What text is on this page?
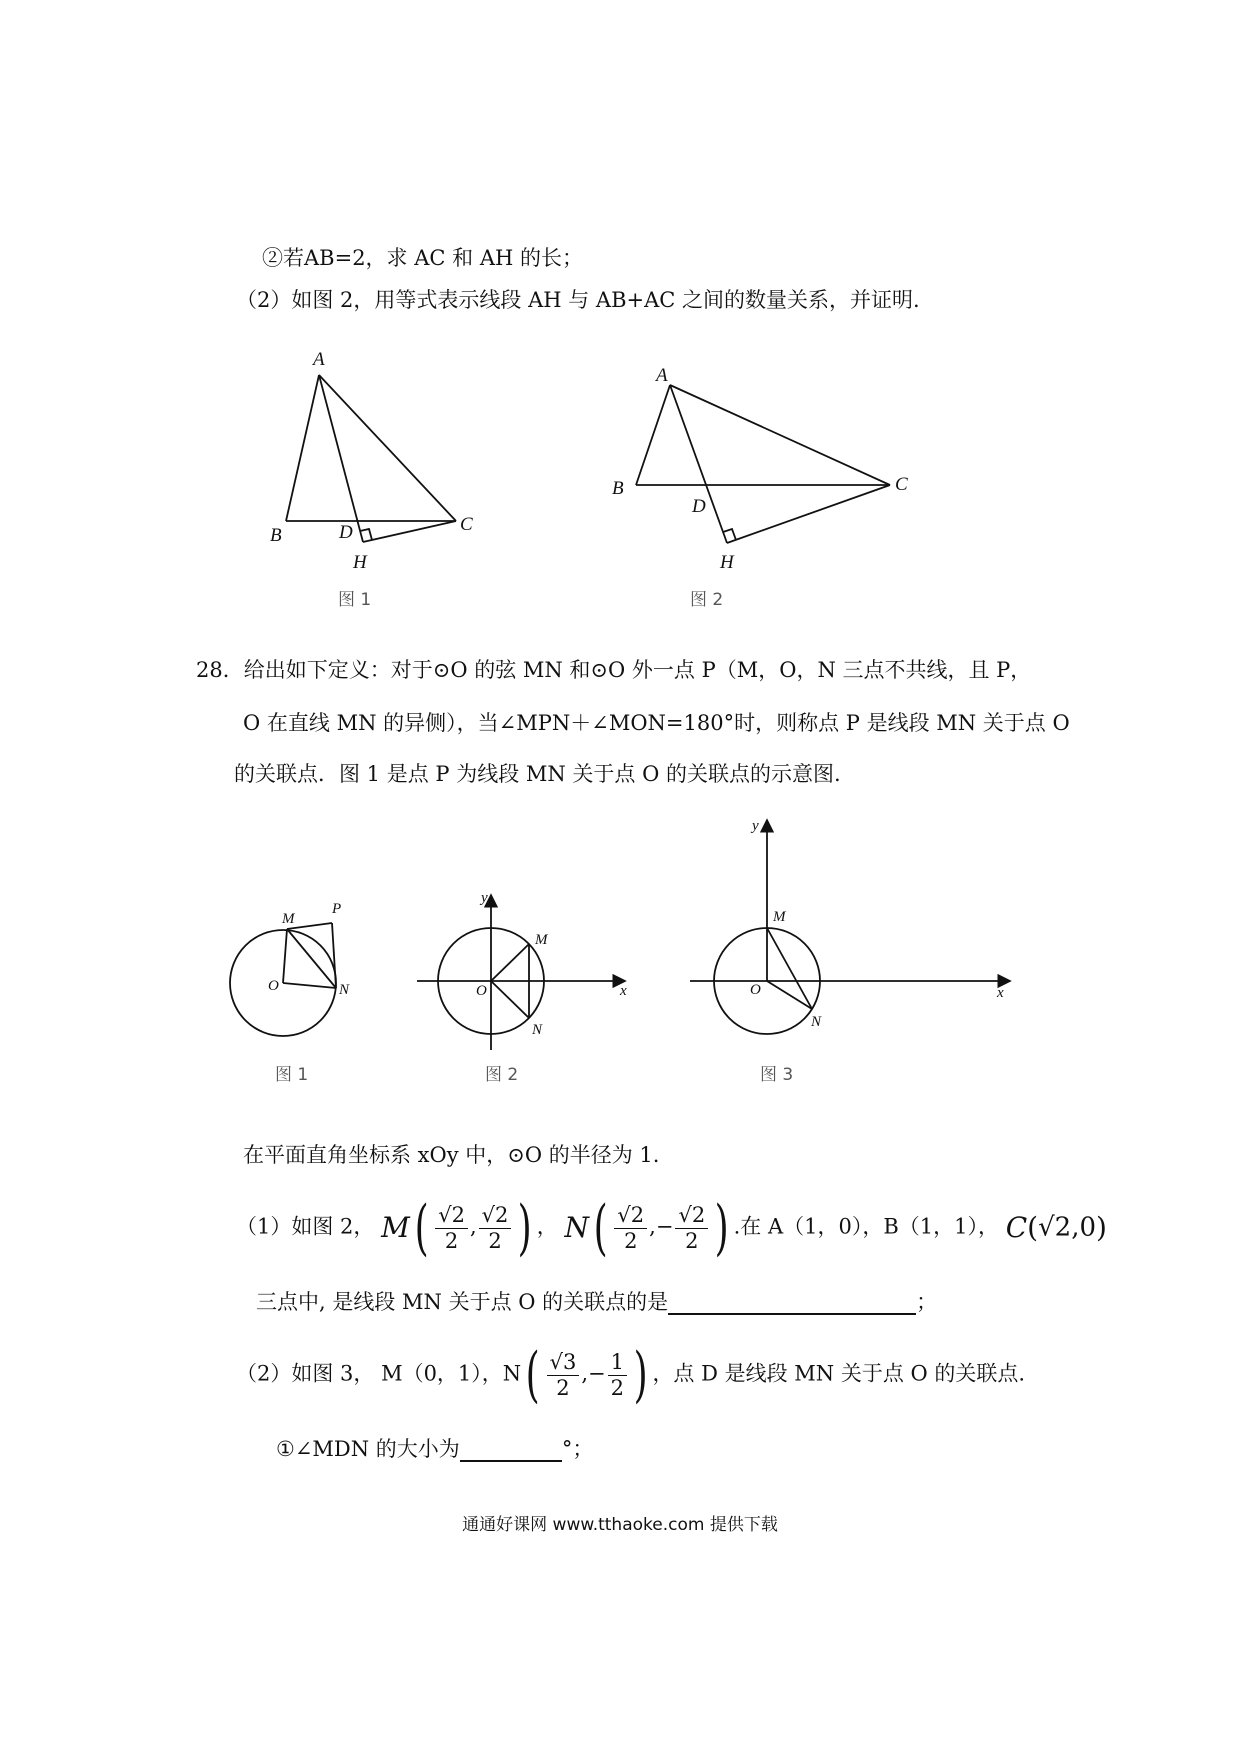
②若AB=2，求 AC 和 AH 的长；
（2）如图 2，用等式表示线段 AH 与 AB+AC 之间的数量关系，并证明.
A
B	D	C
H
图 1
A
B
D
C
H
图 2
28．给出如下定义：对于⊙O 的弦 MN 和⊙O 外一点 P（M，O，N 三点不共线，且 P，
O 在直线 MN 的异侧），当∠MPN＋∠MON=180°时，则称点 P 是线段 MN 关于点 O
的关联点．图 1 是点 P 为线段 MN 关于点 O 的关联点的示意图.
M
P
O	N
图 1
y
M
O	x
N
图 2
y
M
O	x
N
图 3
在平面直角坐标系 xOy 中，⊙O 的半径为 1.
（1）如图 2， $M( \frac{√2}{2}$ , $\frac{√2}{2}$ ) ， $N( \frac{√2}{2}$ ,− $\frac{√2}{2}$ ) .在 A（1，0），B（1，1）， C(√2,0)
三点中, 是线段 MN 关于点 O 的关联点的是	；
（2）如图 3， M（0，1），$N( \frac{√3}{2}$ ,− $\frac{1}{2}$ ) ，点 D 是线段 MN 关于点 O 的关联点.
①∠MDN 的大小为	°；
通通好课网 www.tthaoke.com 提供下载
